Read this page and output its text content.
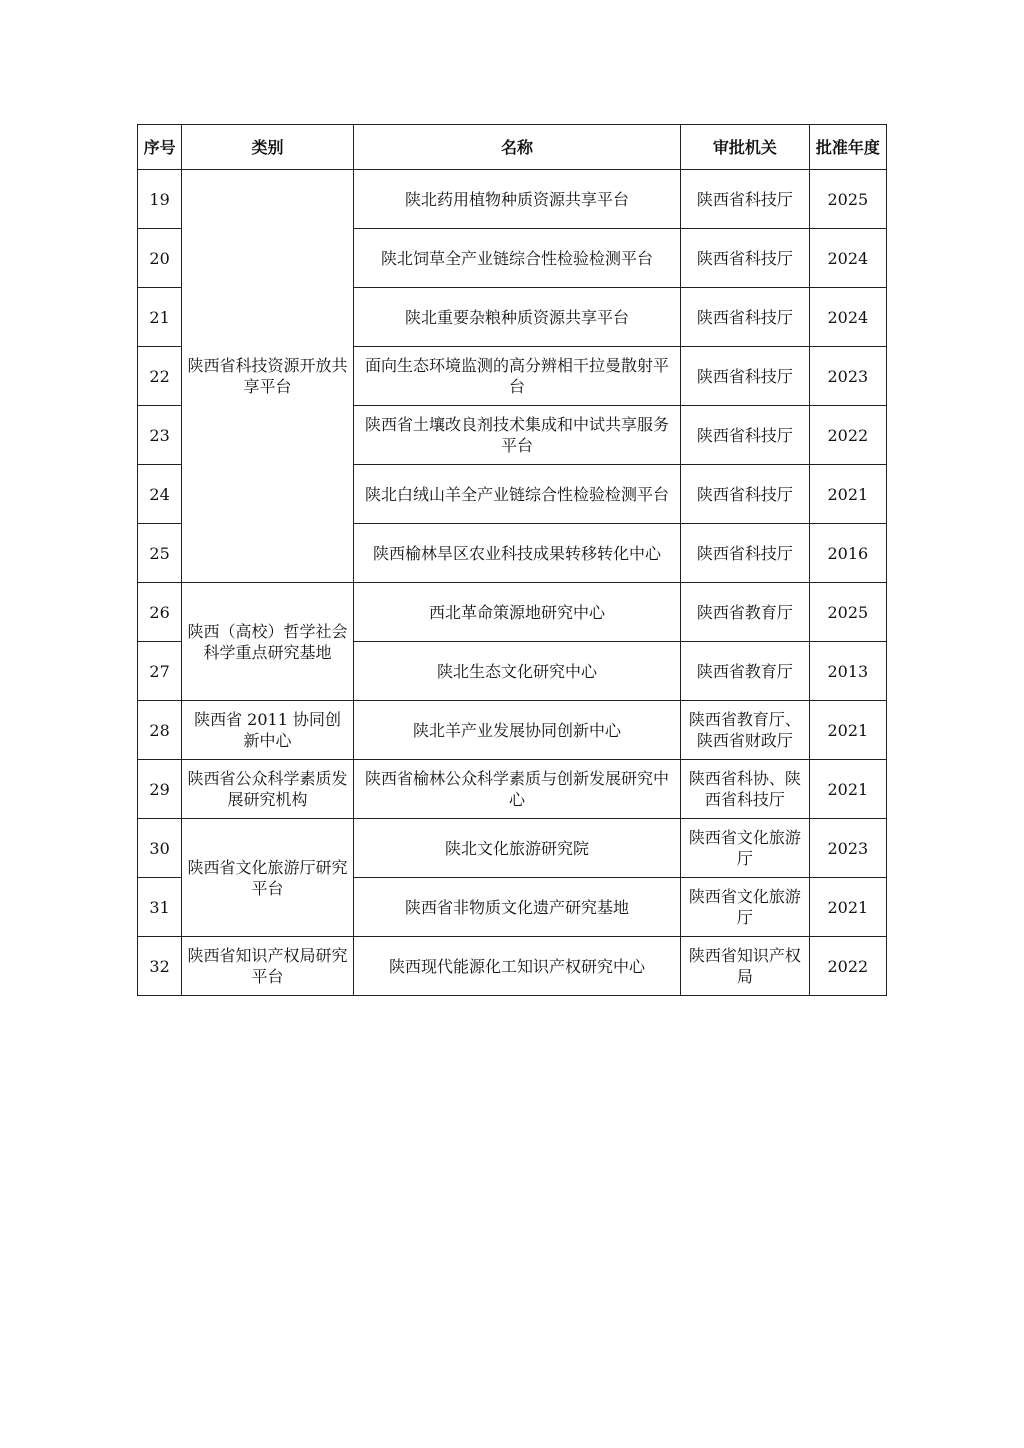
序号	类别	名称	审批机关	批准年度
19	陕西省科技资源开放共享平台	陕北药用植物种质资源共享平台	陕西省科技厅	2025
20		陕北饲草全产业链综合性检验检测平台	陕西省科技厅	2024
21		陕北重要杂粮种质资源共享平台	陕西省科技厅	2024
22		面向生态环境监测的高分辨相干拉曼散射平台	陕西省科技厅	2023
23		陕西省土壤改良剂技术集成和中试共享服务平台	陕西省科技厅	2022
24		陕北白绒山羊全产业链综合性检验检测平台	陕西省科技厅	2021
25		陕西榆林旱区农业科技成果转移转化中心	陕西省科技厅	2016
26	陕西（高校）哲学社会科学重点研究基地	西北革命策源地研究中心	陕西省教育厅	2025
27		陕北生态文化研究中心	陕西省教育厅	2013
28	陕西省 2011 协同创新中心	陕北羊产业发展协同创新中心	陕西省教育厅、陕西省财政厅	2021
29	陕西省公众科学素质发展研究机构	陕西省榆林公众科学素质与创新发展研究中心	陕西省科协、陕西省科技厅	2021
30	陕西省文化旅游厅研究平台	陕北文化旅游研究院	陕西省文化旅游厅	2023
31		陕西省非物质文化遗产研究基地	陕西省文化旅游厅	2021
32	陕西省知识产权局研究平台	陕西现代能源化工知识产权研究中心	陕西省知识产权局	2022
